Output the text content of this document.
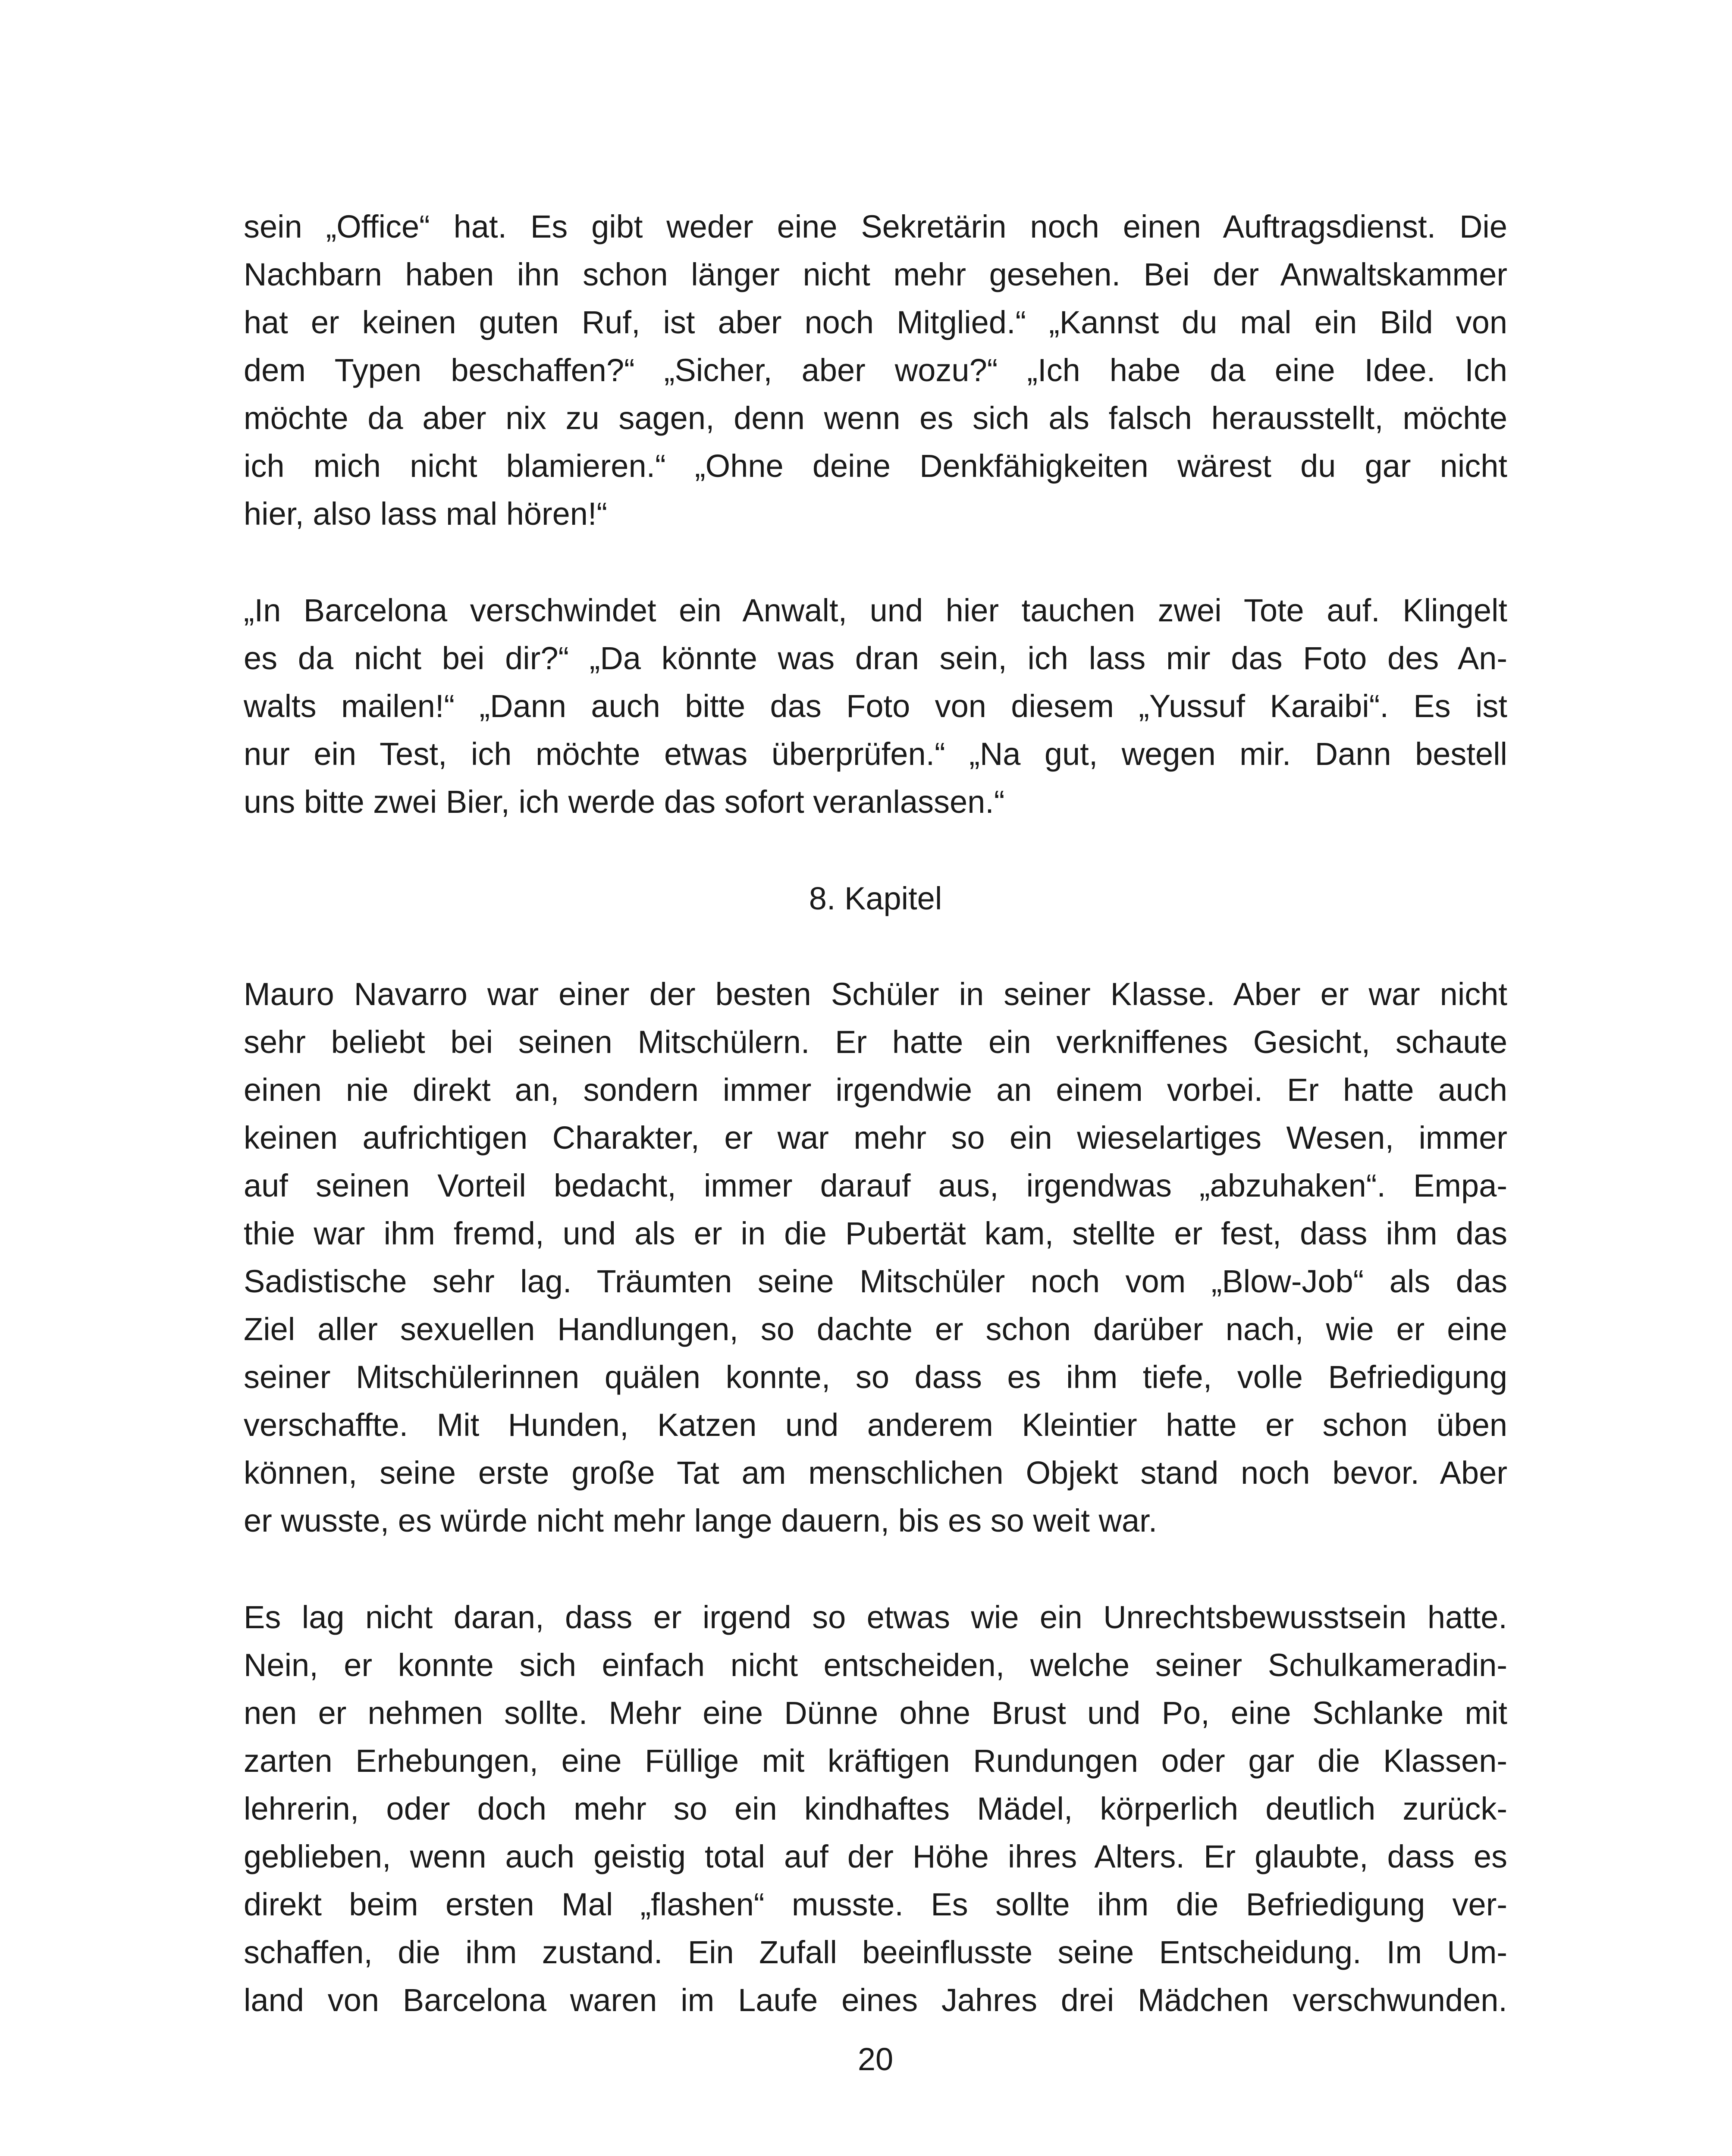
sein „Office“ hat. Es gibt weder eine Sekretärin noch einen Auftragsdienst. Die
Nachbarn haben ihn schon länger nicht mehr gesehen. Bei der Anwaltskammer
hat er keinen guten Ruf, ist aber noch Mitglied.“ „Kannst du mal ein Bild von
dem Typen beschaffen?“ „Sicher, aber wozu?“ „Ich habe da eine Idee. Ich
möchte da aber nix zu sagen, denn wenn es sich als falsch herausstellt, möchte
ich mich nicht blamieren.“ „Ohne deine Denkfähigkeiten wärest du gar nicht
hier, also lass mal hören!“
„In Barcelona verschwindet ein Anwalt, und hier tauchen zwei Tote auf. Klingelt
es da nicht bei dir?“ „Da könnte was dran sein, ich lass mir das Foto des An-
walts mailen!“ „Dann auch bitte das Foto von diesem „Yussuf Karaibi“. Es ist
nur ein Test, ich möchte etwas überprüfen.“ „Na gut, wegen mir. Dann bestell
uns bitte zwei Bier, ich werde das sofort veranlassen.“
8. Kapitel
Mauro Navarro war einer der besten Schüler in seiner Klasse. Aber er war nicht
sehr beliebt bei seinen Mitschülern. Er hatte ein verkniffenes Gesicht, schaute
einen nie direkt an, sondern immer irgendwie an einem vorbei. Er hatte auch
keinen aufrichtigen Charakter, er war mehr so ein wieselartiges Wesen, immer
auf seinen Vorteil bedacht, immer darauf aus, irgendwas „abzuhaken“. Empa-
thie war ihm fremd, und als er in die Pubertät kam, stellte er fest, dass ihm das
Sadistische sehr lag. Träumten seine Mitschüler noch vom „Blow-Job“ als das
Ziel aller sexuellen Handlungen, so dachte er schon darüber nach, wie er eine
seiner Mitschülerinnen quälen konnte, so dass es ihm tiefe, volle Befriedigung
verschaffte. Mit Hunden, Katzen und anderem Kleintier hatte er schon üben
können, seine erste große Tat am menschlichen Objekt stand noch bevor. Aber
er wusste, es würde nicht mehr lange dauern, bis es so weit war.
Es lag nicht daran, dass er irgend so etwas wie ein Unrechtsbewusstsein hatte.
Nein, er konnte sich einfach nicht entscheiden, welche seiner Schulkameradin-
nen er nehmen sollte. Mehr eine Dünne ohne Brust und Po, eine Schlanke mit
zarten Erhebungen, eine Füllige mit kräftigen Rundungen oder gar die Klassen-
lehrerin, oder doch mehr so ein kindhaftes Mädel, körperlich deutlich zurück-
geblieben, wenn auch geistig total auf der Höhe ihres Alters. Er glaubte, dass es
direkt beim ersten Mal „flashen“ musste. Es sollte ihm die Befriedigung ver-
schaffen, die ihm zustand. Ein Zufall beeinflusste seine Entscheidung. Im Um-
land von Barcelona waren im Laufe eines Jahres drei Mädchen verschwunden.
20
